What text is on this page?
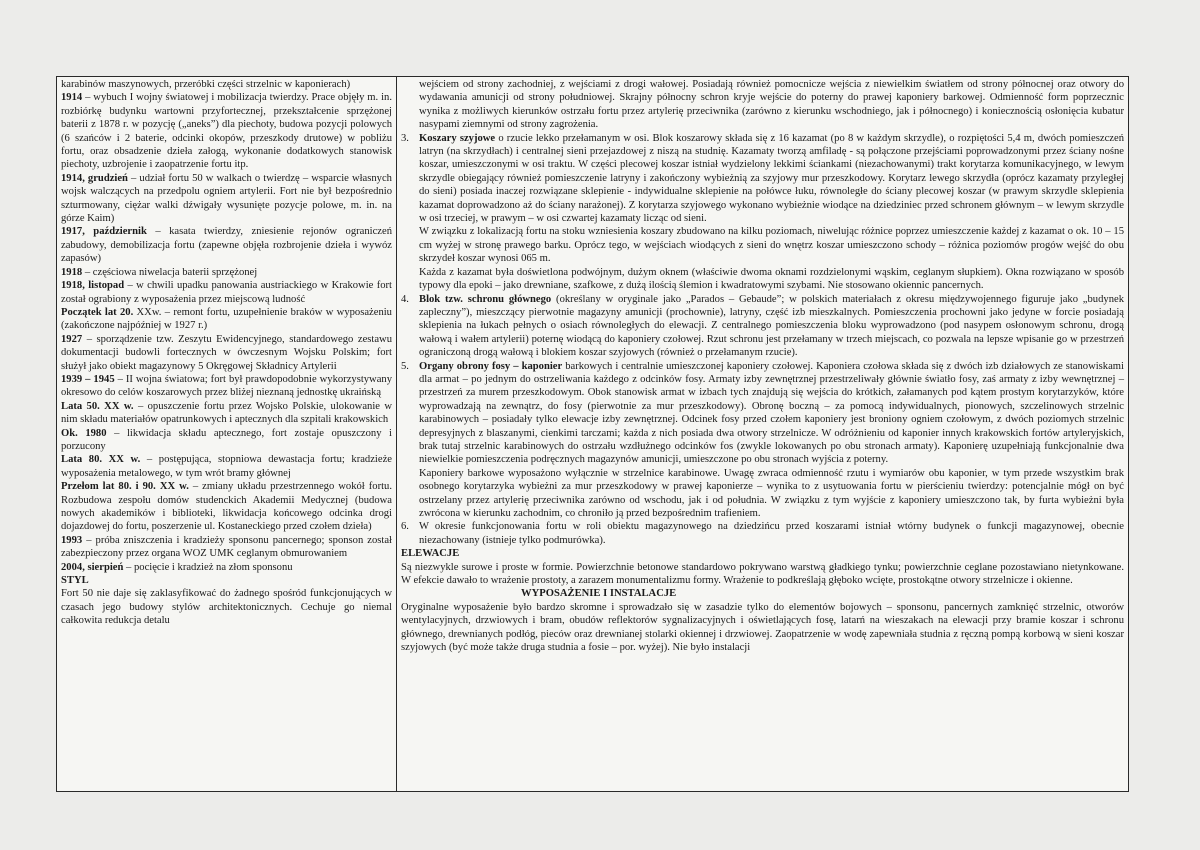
karabinów maszynowych, przeróbki części strzelnic w kaponierach)

1914 – wybuch I wojny światowej i mobilizacja twierdzy. Prace objęły m. in. rozbiórkę budynku wartowni przyfortecznej, przekształcenie sprzężonej baterii z 1878 r. w pozycję („aneks”) dla piechoty, budowa pozycji polowych (6 szańców i 2 baterie, odcinki okopów, przeszkody drutowe) w pobliżu fortu, oraz obsadzenie dzieła załogą, wykonanie dodatkowych stanowisk piechoty, uzbrojenie i zaopatrzenie fortu itp.

1914, grudzień – udział fortu 50 w walkach o twierdzę – wsparcie własnych wojsk walczących na przedpolu ogniem artylerii. Fort nie był bezpośrednio szturmowany, ciężar walki dźwigały wysunięte pozycje polowe, m. in. na górze Kaim)

1917, październik – kasata twierdzy, zniesienie rejonów ograniczeń zabudowy, demobilizacja fortu (zapewne objęła rozbrojenie dzieła i wywóz zapasów)

1918 – częściowa niwelacja baterii sprzężonej

1918, listopad – w chwili upadku panowania austriackiego w Krakowie fort został ograbiony z wyposażenia przez miejscową ludność

Początek lat 20. XXw. – remont fortu, uzupełnienie braków w wyposażeniu (zakończone najpóźniej w 1927 r.)

1927 – sporządzenie tzw. Zeszytu Ewidencyjnego, standardowego zestawu dokumentacji budowli fortecznych w ówczesnym Wojsku Polskim; fort służył jako obiekt magazynowy 5 Okręgowej Składnicy Artylerii

1939 – 1945 – II wojna światowa; fort był prawdopodobnie wykorzystywany okresowo do celów koszarowych przez bliżej nieznaną jednostkę ukraińską

Lata 50. XX w. – opuszczenie fortu przez Wojsko Polskie, ulokowanie w nim składu materiałów opatrunkowych i aptecznych dla szpitali krakowskich

Ok. 1980 – likwidacja składu aptecznego, fort zostaje opuszczony i porzucony

Lata 80. XX w. – postępująca, stopniowa dewastacja fortu; kradzieże wyposażenia metalowego, w tym wrót bramy głównej

Przełom lat 80. i 90. XX w. – zmiany układu przestrzennego wokół fortu. Rozbudowa zespołu domów studenckich Akademii Medycznej (budowa nowych akademików i biblioteki, likwidacja końcowego odcinka drogi dojazdowej do fortu, poszerzenie ul. Kostaneckiego przed czołem dzieła)

1993 – próba zniszczenia i kradzieży sponsonu pancernego; sponson został zabezpieczony przez organa WOZ UMK ceglanym obmurowaniem

2004, sierpień – pocięcie i kradzież na złom sponsonu

STYL

Fort 50 nie daje się zaklasyfikować do żadnego spośród funkcjonujących w czasach jego budowy stylów architektonicznych. Cechuje go niemal całkowita redukcja detalu

wejściem od strony zachodniej, z wejściami z drogi wałowej. Posiadają również pomocnicze wejścia z niewielkim światłem od strony północnej oraz otwory do wydawania amunicji od strony południowej. Skrajny północny schron kryje wejście do poterny do prawej kaponiery barkowej. Odmienność form poprzecznic wynika z możliwych kierunków ostrzału fortu przez artylerię przeciwnika (zarówno z kierunku wschodniego, jak i północnego) i koniecznością osłonięcia kubatur nasypami ziemnymi od strony zagrożenia.

3. Koszary szyjowe o rzucie lekko przełamanym w osi. Blok koszarowy składa się z 16 kazamat (po 8 w każdym skrzydle), o rozpiętości 5,4 m, dwóch pomieszczeń latryn (na skrzydłach) i centralnej sieni przejazdowej z niszą na studnię. Kazamaty tworzą amfiladę - są połączone przejściami poprowadzonymi przez ściany nośne koszar, umieszczonymi w osi traktu. W części plecowej koszar istniał wydzielony lekkimi ściankami (niezachowanymi) trakt korytarza komunikacyjnego, w lewym skrzydle obiegający również pomieszczenie latryny i zakończony wybieżnią za szyjowy mur przeszkodowy. Korytarz lewego skrzydła (oprócz kazamaty przyległej do sieni) posiada inaczej rozwiązane sklepienie - indywidualne sklepienie na połówce łuku, równoległe do ściany plecowej koszar (w prawym skrzydle sklepienia kazamat doprowadzono aż do ściany narażonej). Z korytarza szyjowego wykonano wybieżnie wiodące na dziedziniec przed schronem głównym – w lewym skrzydle w osi trzeciej, w prawym – w osi czwartej kazamaty licząc od sieni.

W związku z lokalizacją fortu na stoku wzniesienia koszary zbudowano na kilku poziomach, niwelując różnice poprzez umieszczenie każdej z kazamat o ok. 10 – 15 cm wyżej w stronę prawego barku. Oprócz tego, w wejściach wiodących z sieni do wnętrz koszar umieszczono schody – różnica poziomów progów wejść do obu skrzydeł koszar wynosi 065 m.

Każda z kazamat była doświetlona podwójnym, dużym oknem (właściwie dwoma oknami rozdzielonymi wąskim, ceglanym słupkiem). Okna rozwiązano w sposób typowy dla epoki – jako drewniane, szafkowe, z dużą ilością ślemion i kwadratowymi szybami. Nie stosowano okiennic pancernych.

4. Blok tzw. schronu głównego (określany w oryginale jako „Parados – Gebaude”; w polskich materiałach z okresu międzywojennego figuruje jako „budynek zapleczny”), mieszczący pierwotnie magazyny amunicji (prochownie), latryny, część izb mieszkalnych. Pomieszczenia prochowni jako jedyne w forcie posiadają sklepienia na łukach pełnych o osiach równoległych do elewacji. Z centralnego pomieszczenia bloku wyprowadzono (pod nasypem osłonowym schronu, drogą wałową i wałem artylerii) poternę wiodącą do kaponiery czołowej. Rzut schronu jest przełamany w trzech miejscach, co pozwala na lepsze wpisanie go w przestrzeń ograniczoną drogą wałową i blokiem koszar szyjowych (również o przełamanym rzucie).

5. Organy obrony fosy – kaponier barkowych i centralnie umieszczonej kaponiery czołowej. Kaponiera czołowa składa się z dwóch izb działowych ze stanowiskami dla armat – po jednym do ostrzeliwania każdego z odcinków fosy. Armaty izby zewnętrznej przestrzeliwały głównie światło fosy, zaś armaty z izby wewnętrznej – przestrzeń za murem przeszkodowym. Obok stanowisk armat w izbach tych znajdują się wejścia do krótkich, załamanych pod kątem prostym korytarzyków, które wyprowadzają na zewnątrz, do fosy (pierwotnie za mur przeszkodowy). Obronę boczną – za pomocą indywidualnych, pionowych, szczelinowych strzelnic karabinowych – posiadały tylko elewacje izby zewnętrznej. Odcinek fosy przed czołem kaponiery jest broniony ogniem czołowym, z dwóch poziomych strzelnic depresyjnych z blaszanymi, cienkimi tarczami; każda z nich posiada dwa otwory strzelnicze. W odróżnieniu od kaponier innych krakowskich fortów artyleryjskich, brak tutaj strzelnic karabinowych do ostrzału wzdłużnego odcinków fos (zwykle lokowanych po obu stronach armaty). Kaponierę uzupełniają funkcjonalnie dwa niewielkie pomieszczenia podręcznych magazynów amunicji, umieszczone po obu stronach wyjścia z poterny.

Kaponiery barkowe wyposażono wyłącznie w strzelnice karabinowe. Uwagę zwraca odmienność rzutu i wymiarów obu kaponier, w tym przede wszystkim brak osobnego korytarzyka wybieżni za mur przeszkodowy w prawej kaponierze – wynika to z usytuowania fortu w pierścieniu twierdzy: potencjalnie mógł on być ostrzelany przez artylerię przeciwnika zarówno od wschodu, jak i od południa. W związku z tym wyjście z kaponiery umieszczono tak, by furta wybieżni była zwrócona w kierunku zachodnim, co chroniło ją przed bezpośrednim trafieniem.

6. W okresie funkcjonowania fortu w roli obiektu magazynowego na dziedzińcu przed koszarami istniał wtórny budynek o funkcji magazynowej, obecnie niezachowany (istnieje tylko podmurówka).

ELEWACJE

Są niezwykle surowe i proste w formie. Powierzchnie betonowe standardowo pokrywano warstwą gładkiego tynku; powierzchnie ceglane pozostawiano nietynkowane. W efekcie dawało to wrażenie prostoty, a zarazem monumentalizmu formy. Wrażenie to podkreślają głęboko wcięte, prostokątne otwory strzelnicze i okienne.

WYPOSAŻENIE I INSTALACJE

Oryginalne wyposażenie było bardzo skromne i sprowadzało się w zasadzie tylko do elementów bojowych – sponsonu, pancernych zamknięć strzelnic, otworów wentylacyjnych, drzwiowych i bram, obudów reflektorów sygnalizacyjnych i oświetlających fosę, latarń na wieszakach na elewacji przy bramie koszar i schronu głównego, drewnianych podłóg, pieców oraz drewnianej stolarki okiennej i drzwiowej. Zaopatrzenie w wodę zapewniała studnia z ręczną pompą korbową w sieni koszar szyjowych (być może także druga studnia a fosie – por. wyżej). Nie było instalacji
